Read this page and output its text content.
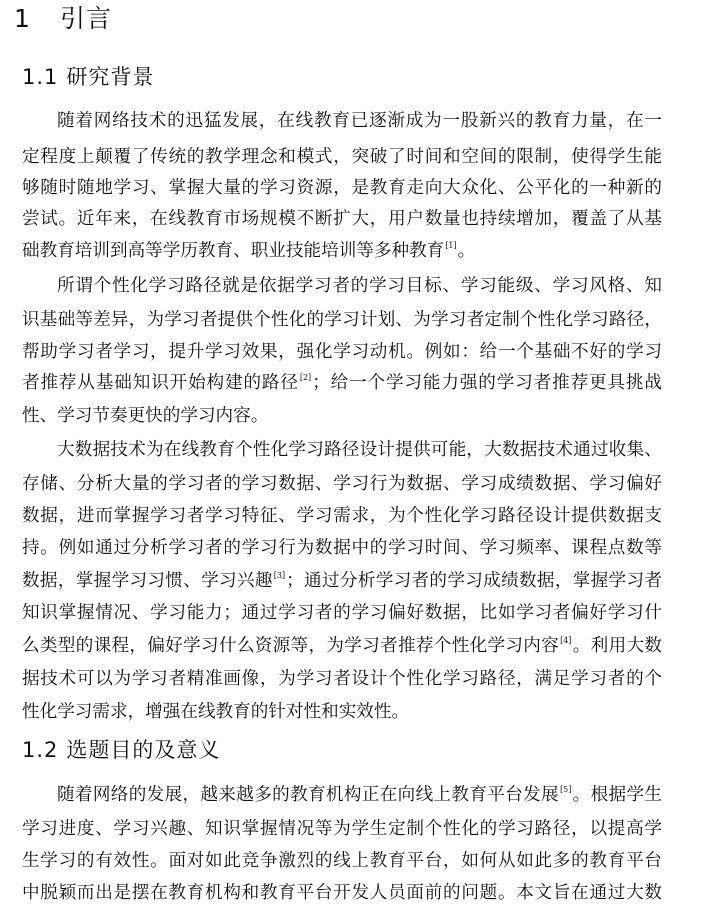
1 引言
1.1 研究背景
随着网络技术的迅猛发展，在线教育已逐渐成为一股新兴的教育力量，在一
定程度上颠覆了传统的教学理念和模式，突破了时间和空间的限制，使得学生能
够随时随地学习、掌握大量的学习资源，是教育走向大众化、公平化的一种新的
尝试。近年来，在线教育市场规模不断扩大，用户数量也持续增加，覆盖了从基
础教育培训到高等学历教育、职业技能培训等多种教育[1]。
所谓个性化学习路径就是依据学习者的学习目标、学习能级、学习风格、知
识基础等差异，为学习者提供个性化的学习计划、为学习者定制个性化学习路径，
帮助学习者学习，提升学习效果，强化学习动机。例如：给一个基础不好的学习
者推荐从基础知识开始构建的路径[2]；给一个学习能力强的学习者推荐更具挑战
性、学习节奏更快的学习内容。
大数据技术为在线教育个性化学习路径设计提供可能，大数据技术通过收集、
存储、分析大量的学习者的学习数据、学习行为数据、学习成绩数据、学习偏好
数据，进而掌握学习者学习特征、学习需求，为个性化学习路径设计提供数据支
持。例如通过分析学习者的学习行为数据中的学习时间、学习频率、课程点数等
数据，掌握学习习惯、学习兴趣[3]；通过分析学习者的学习成绩数据，掌握学习者
知识掌握情况、学习能力；通过学习者的学习偏好数据，比如学习者偏好学习什
么类型的课程，偏好学习什么资源等，为学习者推荐个性化学习内容[4]。利用大数
据技术可以为学习者精准画像，为学习者设计个性化学习路径，满足学习者的个
性化学习需求，增强在线教育的针对性和实效性。
1.2 选题目的及意义
随着网络的发展，越来越多的教育机构正在向线上教育平台发展[5]。根据学生
学习进度、学习兴趣、知识掌握情况等为学生定制个性化的学习路径，以提高学
生学习的有效性。面对如此竞争激烈的线上教育平台，如何从如此多的教育平台
中脱颖而出是摆在教育机构和教育平台开发人员面前的问题。本文旨在通过大数
